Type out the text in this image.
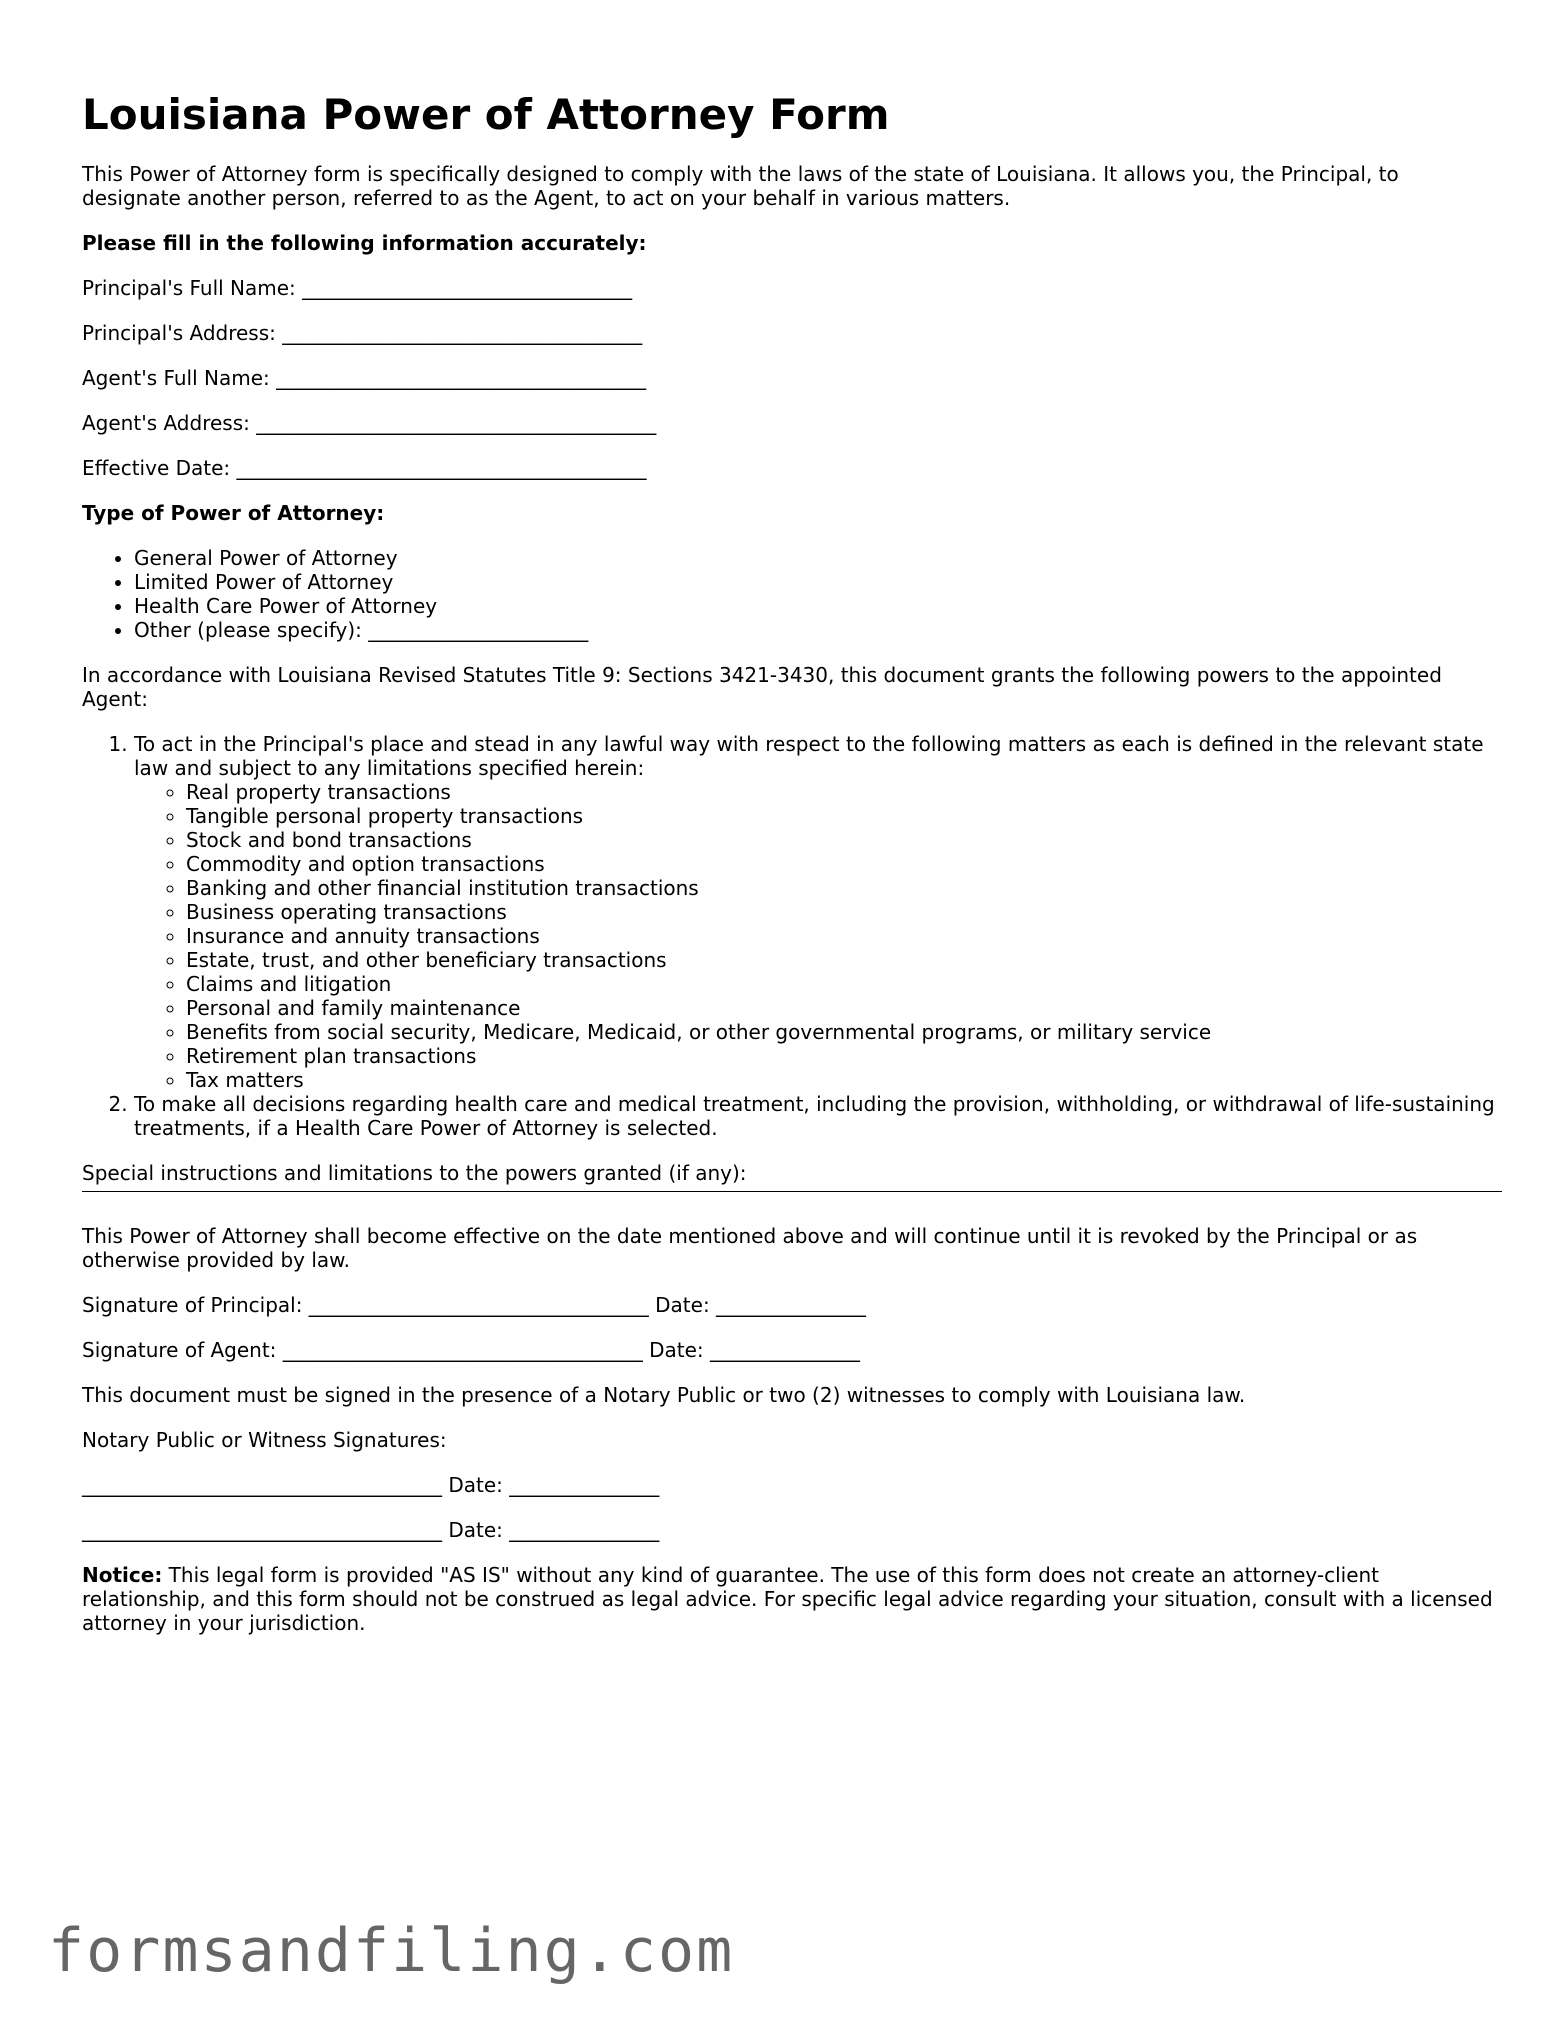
Louisiana Power of Attorney Form

This Power of Attorney form is specifically designed to comply with the laws of the state of Louisiana. It allows you, the Principal, to designate another person, referred to as the Agent, to act on your behalf in various matters.

Please fill in the following information accurately:

Principal's Full Name: _________________________________

Principal's Address: ____________________________________

Agent's Full Name: _____________________________________

Agent's Address: ________________________________________

Effective Date: _________________________________________

Type of Power of Attorney:

• General Power of Attorney
• Limited Power of Attorney
• Health Care Power of Attorney
• Other (please specify): ______________________

In accordance with Louisiana Revised Statutes Title 9: Sections 3421-3430, this document grants the following powers to the appointed Agent:

1. To act in the Principal's place and stead in any lawful way with respect to the following matters as each is defined in the relevant state law and subject to any limitations specified herein:
◦ Real property transactions
◦ Tangible personal property transactions
◦ Stock and bond transactions
◦ Commodity and option transactions
◦ Banking and other financial institution transactions
◦ Business operating transactions
◦ Insurance and annuity transactions
◦ Estate, trust, and other beneficiary transactions
◦ Claims and litigation
◦ Personal and family maintenance
◦ Benefits from social security, Medicare, Medicaid, or other governmental programs, or military service
◦ Retirement plan transactions
◦ Tax matters
2. To make all decisions regarding health care and medical treatment, including the provision, withholding, or withdrawal of life-sustaining treatments, if a Health Care Power of Attorney is selected.

Special instructions and limitations to the powers granted (if any):

This Power of Attorney shall become effective on the date mentioned above and will continue until it is revoked by the Principal or as otherwise provided by law.

Signature of Principal: __________________________________ Date: _______________

Signature of Agent: ____________________________________ Date: _______________

This document must be signed in the presence of a Notary Public or two (2) witnesses to comply with Louisiana law.

Notary Public or Witness Signatures:

____________________________________ Date: _______________

____________________________________ Date: _______________

Notice: This legal form is provided "AS IS" without any kind of guarantee. The use of this form does not create an attorney-client relationship, and this form should not be construed as legal advice. For specific legal advice regarding your situation, consult with a licensed attorney in your jurisdiction.

formsandfiling.com
